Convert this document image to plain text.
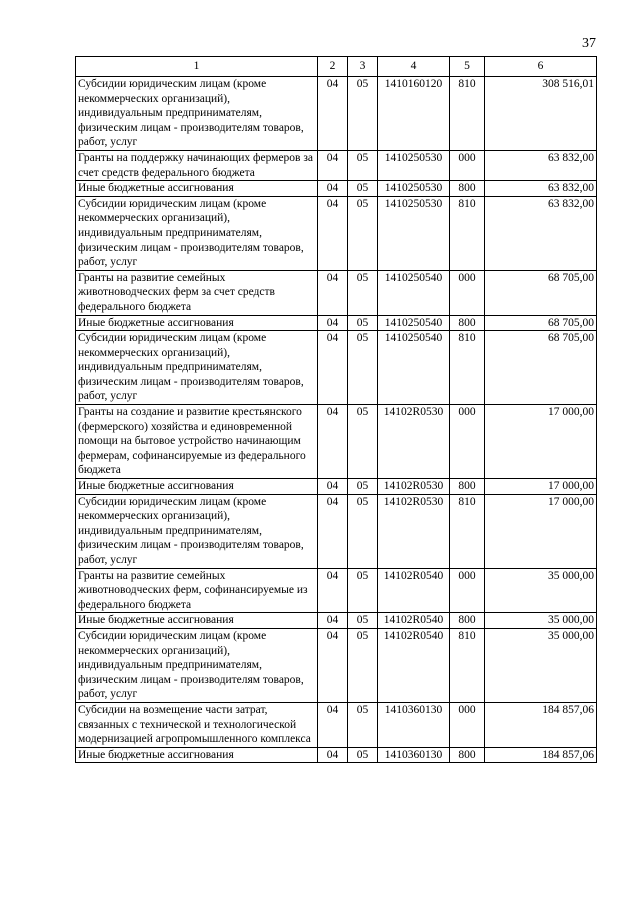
37
1	2	3	4	5	6
Субсидии юридическим лицам (кроме некоммерческих организаций), индивидуальным предпринимателям, физическим лицам - производителям товаров, работ, услуг	04	05	1410160120	810	308 516,01
Гранты на поддержку начинающих фермеров за счет средств федерального бюджета	04	05	1410250530	000	63 832,00
Иные бюджетные ассигнования	04	05	1410250530	800	63 832,00
Субсидии юридическим лицам (кроме некоммерческих организаций), индивидуальным предпринимателям, физическим лицам - производителям товаров, работ, услуг	04	05	1410250530	810	63 832,00
Гранты на развитие семейных животноводческих ферм за счет средств федерального бюджета	04	05	1410250540	000	68 705,00
Иные бюджетные ассигнования	04	05	1410250540	800	68 705,00
Субсидии юридическим лицам (кроме некоммерческих организаций), индивидуальным предпринимателям, физическим лицам - производителям товаров, работ, услуг	04	05	1410250540	810	68 705,00
Гранты на создание и развитие крестьянского (фермерского) хозяйства и единовременной помощи на бытовое устройство начинающим фермерам, софинансируемые из федерального бюджета	04	05	14102R0530	000	17 000,00
Иные бюджетные ассигнования	04	05	14102R0530	800	17 000,00
Субсидии юридическим лицам (кроме некоммерческих организаций), индивидуальным предпринимателям, физическим лицам - производителям товаров, работ, услуг	04	05	14102R0530	810	17 000,00
Гранты на развитие семейных животноводческих ферм, софинансируемые из федерального бюджета	04	05	14102R0540	000	35 000,00
Иные бюджетные ассигнования	04	05	14102R0540	800	35 000,00
Субсидии юридическим лицам (кроме некоммерческих организаций), индивидуальным предпринимателям, физическим лицам - производителям товаров, работ, услуг	04	05	14102R0540	810	35 000,00
Субсидии на возмещение части затрат, связанных с технической и технологической модернизацией агропромышленного комплекса	04	05	1410360130	000	184 857,06
Иные бюджетные ассигнования	04	05	1410360130	800	184 857,06
